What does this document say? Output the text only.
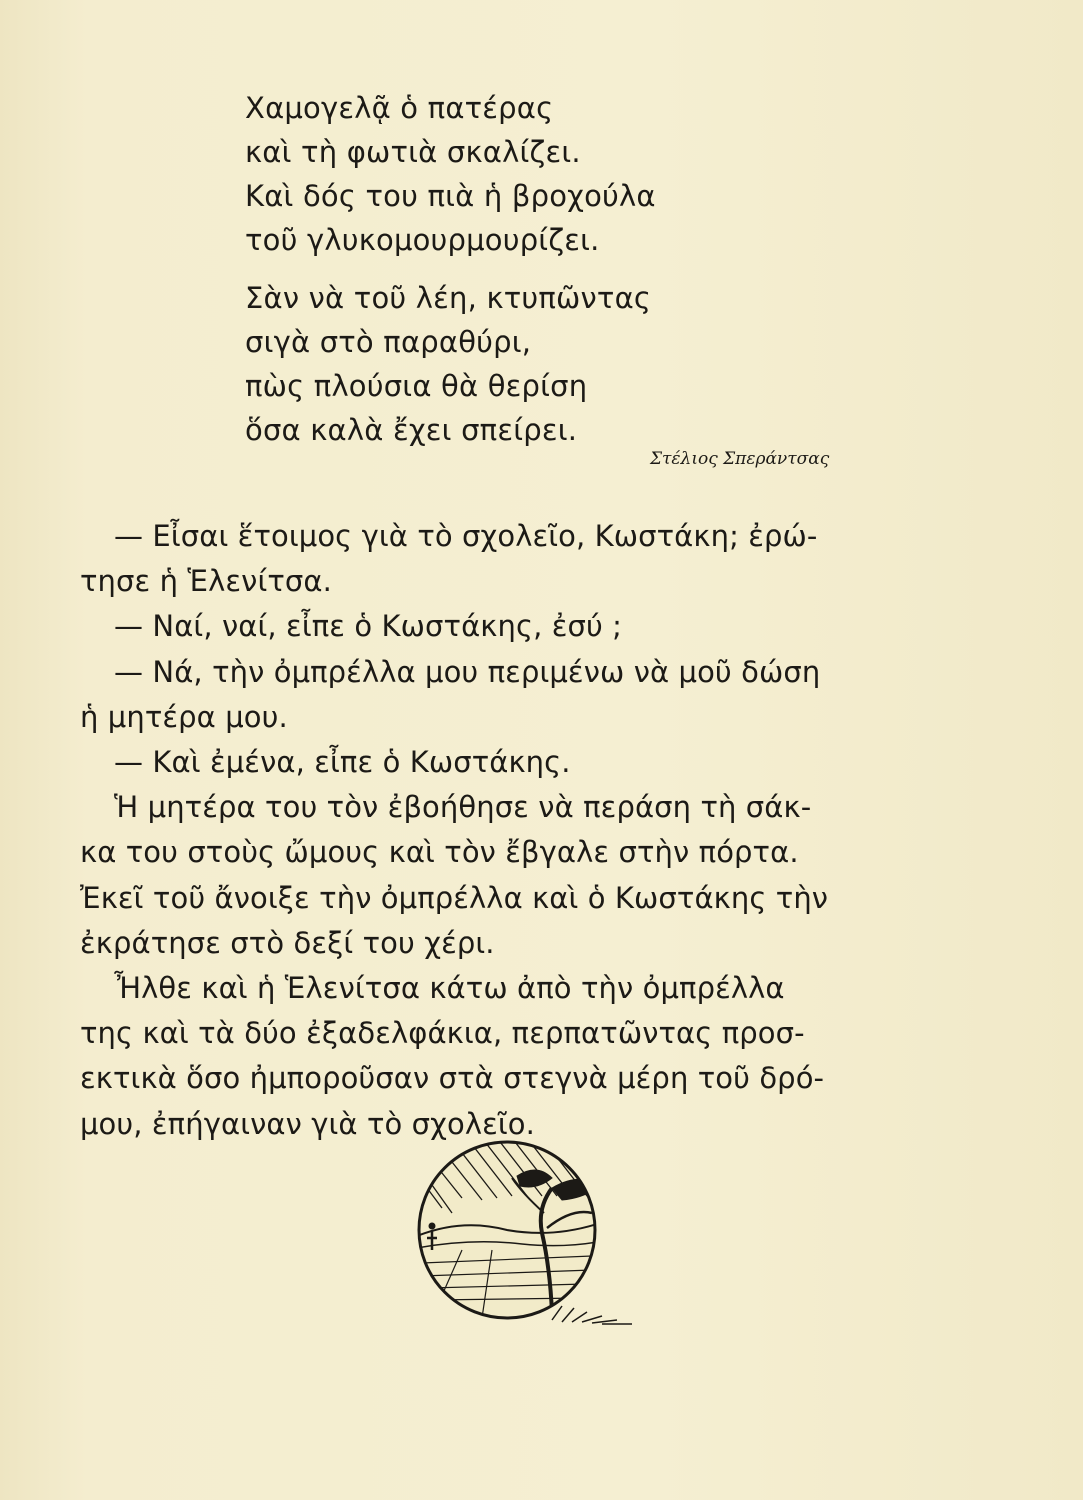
Χαμογελᾷ ὁ πατέρας
καὶ τὴ φωτιὰ σκαλίζει.
Καὶ δός του πιὰ ἡ βροχούλα
τοῦ γλυκομουρμουρίζει.
Σὰν νὰ τοῦ λέη, κτυπῶντας
σιγὰ στὸ παραθύρι,
πὼς πλούσια θὰ θερίση
ὅσα καλὰ ἔχει σπείρει.
Στέλιος Σπεράντσας
— Εἶσαι ἕτοιμος γιὰ τὸ σχολεῖο, Κωστάκη; ἐρώ-
τησε ἡ Ἑλενίτσα.
— Ναί, ναί, εἶπε ὁ Κωστάκης, ἐσύ ;
— Νά, τὴν ὀμπρέλλα μου περιμένω νὰ μοῦ δώση
ἡ μητέρα μου.
— Καὶ ἐμένα, εἶπε ὁ Κωστάκης.
Ἡ μητέρα του τὸν ἐβοήθησε νὰ περάση τὴ σάκ-
κα του στοὺς ὤμους καὶ τὸν ἔβγαλε στὴν πόρτα.
Ἐκεῖ τοῦ ἄνοιξε τὴν ὀμπρέλλα καὶ ὁ Κωστάκης τὴν
ἐκράτησε στὸ δεξί του χέρι.
Ἦλθε καὶ ἡ Ἑλενίτσα κάτω ἀπὸ τὴν ὀμπρέλλα
της καὶ τὰ δύο ἐξαδελφάκια, περπατῶντας προσ-
εκτικὰ ὅσο ἠμποροῦσαν στὰ στεγνὰ μέρη τοῦ δρό-
μου, ἐπήγαιναν γιὰ τὸ σχολεῖο.
